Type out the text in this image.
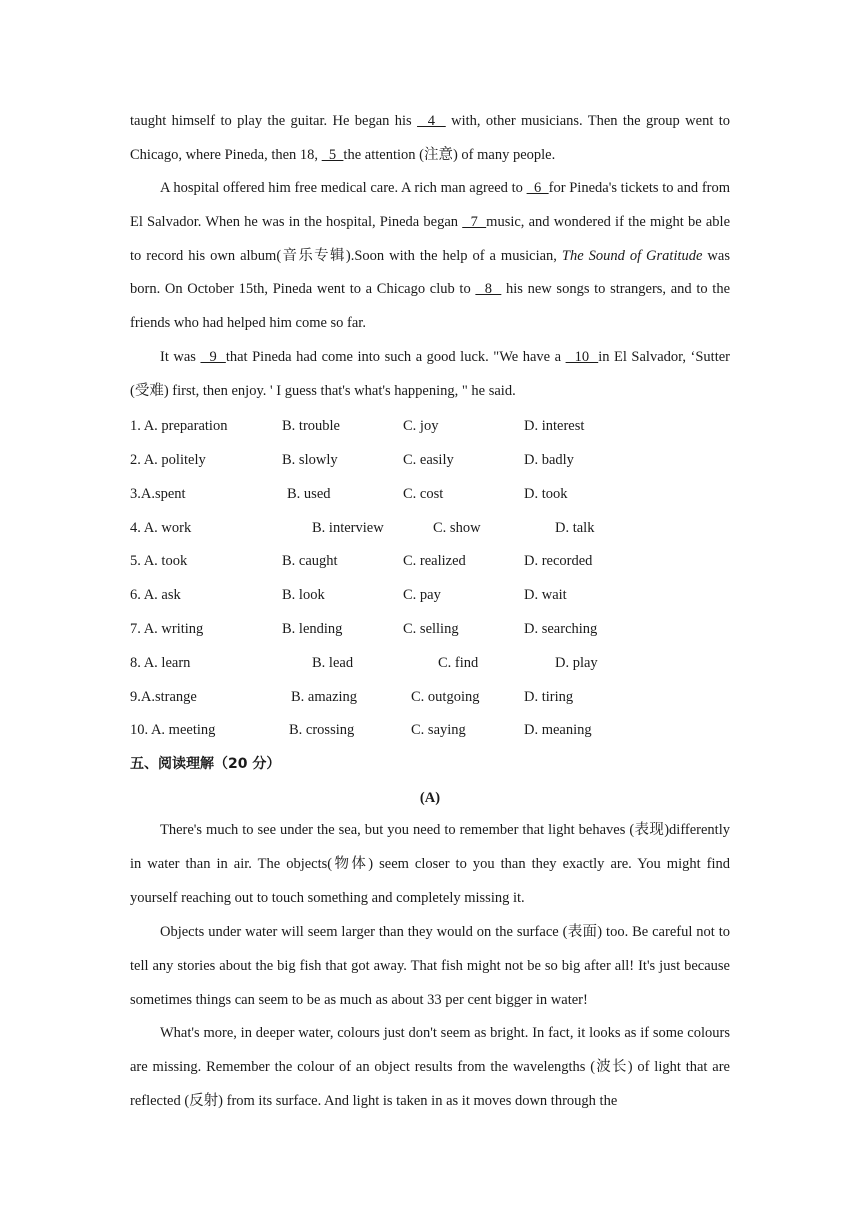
taught himself to play the guitar. He began his   4   with, other musicians. Then the group went to Chicago, where Pineda, then 18,   5  the attention (注意) of many people.

A hospital offered him free medical care. A rich man agreed to   6  for Pineda's tickets to and from El Salvador. When he was in the hospital, Pineda began   7  music, and wondered if the might be able to record his own album(音乐专辑).Soon with the help of a musician, The Sound of Gratitude was born. On October 15th, Pineda went to a Chicago club to   8   his new songs to strangers, and to the friends who had helped him come so far.

It was   9  that Pineda had come into such a good luck. "We have a   10  in El Salvador, ‘Sutter (受难) first, then enjoy. ' I guess that's what's happening, " he said.

1. A. preparation	B. trouble	C. joy	D. interest
2. A. politely	B. slowly	C. easily	D. badly
3.A.spent	B. used	C. cost	D. took
4. A. work	B. interview	C. show	D. talk
5. A. took	B. caught	C. realized	D. recorded
6. A. ask	B. look	C. pay	D. wait
7. A. writing	B. lending	C. selling	D. searching
8. A. learn	B. lead	C. find	D. play
9.A.strange	B. amazing	C. outgoing	D. tiring
10. A. meeting	B. crossing	C. saying	D. meaning
五、阅读理解（20 分）
(A)

There's much to see under the sea, but you need to remember that light behaves (表现)differently in water than in air. The objects(物体) seem closer to you than they exactly are. You might find yourself reaching out to touch something and completely missing it.

Objects under water will seem larger than they would on the surface (表面) too. Be careful not to tell any stories about the big fish that got away. That fish might not be so big after all! It's just because sometimes things can seem to be as much as about 33 per cent bigger in water!

What's more, in deeper water, colours just don't seem as bright. In fact, it looks as if some colours are missing. Remember the colour of an object results from the wavelengths (波长) of light that are reflected (反射) from its surface. And light is taken in as it moves down through the
